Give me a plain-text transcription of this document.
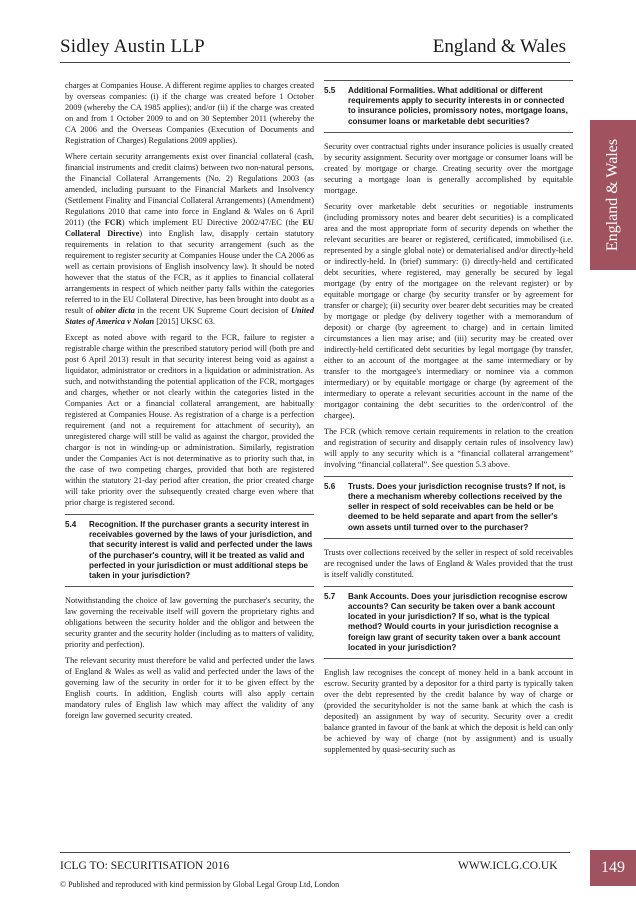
Sidley Austin LLP	England & Wales
England & Wales

charges at Companies House. A different regime applies to charges created by overseas companies: (i) if the charge was created before 1 October 2009 (whereby the CA 1985 applies); and/or (ii) if the charge was created on and from 1 October 2009 to and on 30 September 2011 (whereby the CA 2006 and the Overseas Companies (Execution of Documents and Registration of Charges) Regulations 2009 applies).

Where certain security arrangements exist over financial collateral (cash, financial instruments and credit claims) between two non-natural persons, the Financial Collateral Arrangements (No. 2) Regulations 2003 (as amended, including pursuant to the Financial Markets and Insolvency (Settlement Finality and Financial Collateral Arrangements) (Amendment) Regulations 2010 that came into force in England & Wales on 6 April 2011) (the FCR) which implement EU Directive 2002/47/EC (the EU Collateral Directive) into English law, disapply certain statutory requirements in relation to that security arrangement (such as the requirement to register security at Companies House under the CA 2006 as well as certain provisions of English insolvency law). It should be noted however that the status of the FCR, as it applies to financial collateral arrangements in respect of which neither party falls within the categories referred to in the EU Collateral Directive, has been brought into doubt as a result of obiter dicta in the recent UK Supreme Court decision of United States of America v Nolan [2015] UKSC 63.

Except as noted above with regard to the FCR, failure to register a registrable charge within the prescribed statutory period will (both pre and post 6 April 2013) result in that security interest being void as against a liquidator, administrator or creditors in a liquidation or administration. As such, and notwithstanding the potential application of the FCR, mortgages and charges, whether or not clearly within the categories listed in the Companies Act or a financial collateral arrangement, are habitually registered at Companies House. As registration of a charge is a perfection requirement (and not a requirement for attachment of security), an unregistered charge will still be valid as against the chargor, provided the chargor is not in winding-up or administration. Similarly, registration under the Companies Act is not determinative as to priority such that, in the case of two competing charges, provided that both are registered within the statutory 21-day period after creation, the prior created charge will take priority over the subsequently created charge even where that prior charge is registered second.

5.4	Recognition. If the purchaser grants a security interest in receivables governed by the laws of your jurisdiction, and that security interest is valid and perfected under the laws of the purchaser's country, will it be treated as valid and perfected in your jurisdiction or must additional steps be taken in your jurisdiction?

Notwithstanding the choice of law governing the purchaser's security, the law governing the receivable itself will govern the proprietary rights and obligations between the security holder and the obligor and between the security granter and the security holder (including as to matters of validity, priority and perfection).

The relevant security must therefore be valid and perfected under the laws of England & Wales as well as valid and perfected under the laws of the governing law of the security in order for it to be given effect by the English courts. In addition, English courts will also apply certain mandatory rules of English law which may affect the validity of any foreign law governed security created.

5.5	Additional Formalities. What additional or different requirements apply to security interests in or connected to insurance policies, promissory notes, mortgage loans, consumer loans or marketable debt securities?

Security over contractual rights under insurance policies is usually created by security assignment. Security over mortgage or consumer loans will be created by mortgage or charge. Creating security over the mortgage securing a mortgage loan is generally accomplished by equitable mortgage.

Security over marketable debt securities or negotiable instruments (including promissory notes and bearer debt securities) is a complicated area and the most appropriate form of security depends on whether the relevant securities are bearer or registered, certificated, immobilised (i.e. represented by a single global note) or dematerialised and/or directly-held or indirectly-held. In (brief) summary: (i) directly-held and certificated debt securities, where registered, may generally be secured by legal mortgage (by entry of the mortgagee on the relevant register) or by equitable mortgage or charge (by security transfer or by agreement for transfer or charge); (ii) security over bearer debt securities may be created by mortgage or pledge (by delivery together with a memorandum of deposit) or charge (by agreement to charge) and in certain limited circumstances a lien may arise; and (iii) security may be created over indirectly-held certificated debt securities by legal mortgage (by transfer, either to an account of the mortgagee at the same intermediary or by transfer to the mortgagee's intermediary or nominee via a common intermediary) or by equitable mortgage or charge (by agreement of the intermediary to operate a relevant securities account in the name of the mortgagor containing the debt securities to the order/control of the chargee).

The FCR (which remove certain requirements in relation to the creation and registration of security and disapply certain rules of insolvency law) will apply to any security which is a “financial collateral arrangement” involving “financial collateral”. See question 5.3 above.

5.6	Trusts. Does your jurisdiction recognise trusts? If not, is there a mechanism whereby collections received by the seller in respect of sold receivables can be held or be deemed to be held separate and apart from the seller's own assets until turned over to the purchaser?

Trusts over collections received by the seller in respect of sold receivables are recognised under the laws of England & Wales provided that the trust is itself validly constituted.

5.7	Bank Accounts. Does your jurisdiction recognise escrow accounts? Can security be taken over a bank account located in your jurisdiction? If so, what is the typical method? Would courts in your jurisdiction recognise a foreign law grant of security taken over a bank account located in your jurisdiction?

English law recognises the concept of money held in a bank account in escrow. Security granted by a depositor for a third party is typically taken over the debt represented by the credit balance by way of charge or (provided the securityholder is not the same bank at which the cash is deposited) an assignment by way of security. Security over a credit balance granted in favour of the bank at which the deposit is held can only be achieved by way of charge (not by assignment) and is usually supplemented by quasi-security such as

ICLG TO: SECURITISATION 2016	WWW.ICLG.CO.UK
© Published and reproduced with kind permission by Global Legal Group Ltd, London
149
